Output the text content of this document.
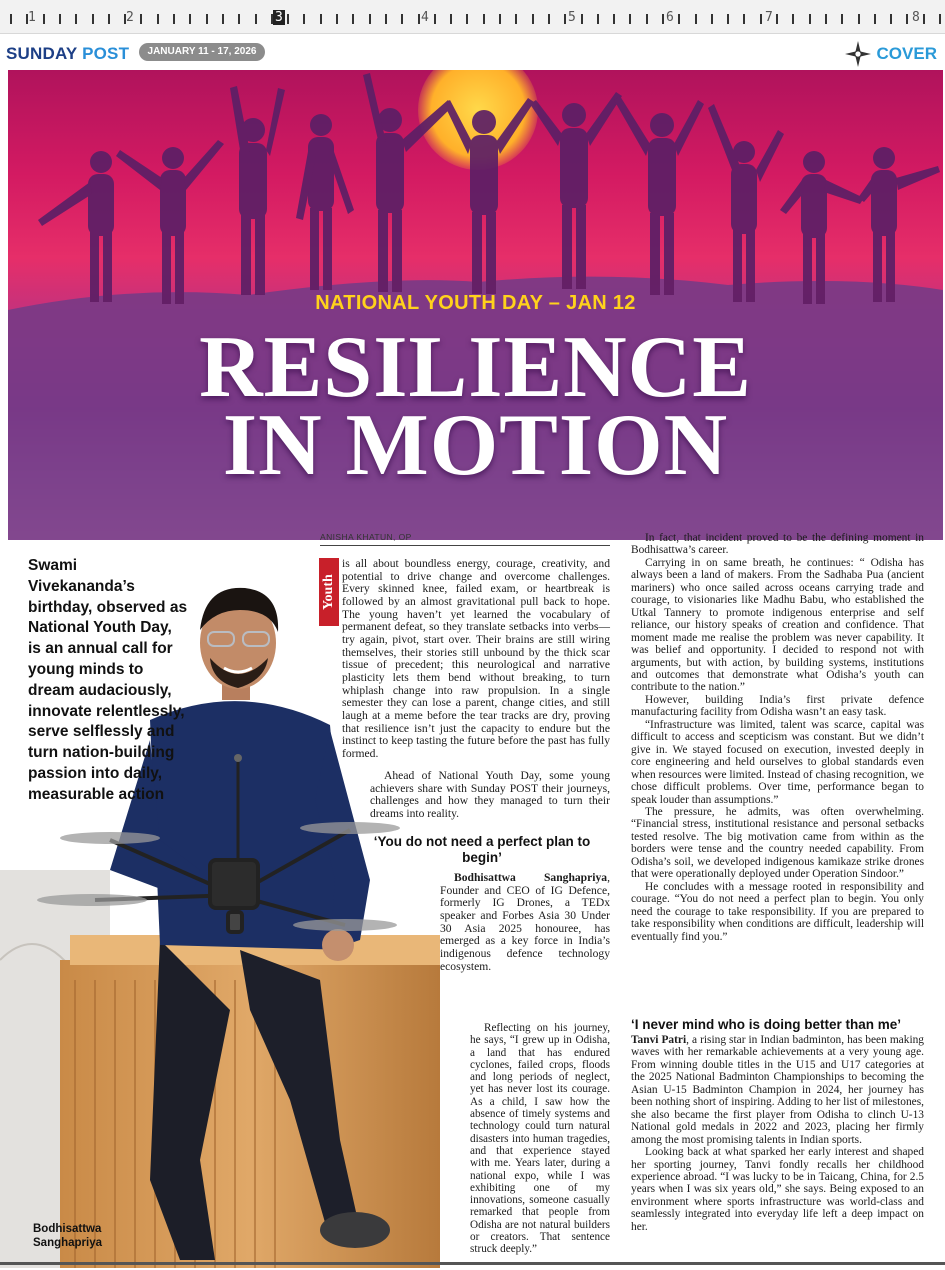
1	2	3	4	5	6	7	8
SUNDAY POST	JANUARY 11 - 17, 2026	COVER
NATIONAL YOUTH DAY – JAN 12
RESILIENCE
IN MOTION
Swami Vivekananda’s birthday, observed as National Youth Day, is an annual call for young minds to dream audaciously, innovate relentlessly, serve selflessly and turn nation-building passion into daily, measurable action
Bodhisattwa
Sanghapriya
ANISHA KHATUN, OP
Youth

is all about boundless energy, courage, creativity, and potential to drive change and overcome challenges. Every skinned knee, failed exam, or heartbreak is followed by an almost gravitational pull back to hope. The young haven’t yet learned the vocabulary of permanent defeat, so they translate setbacks into verbs—try again, pivot, start over. Their brains are still wiring themselves, their stories still unbound by the thick scar tissue of precedent; this neurological and narrative plasticity lets them bend without breaking, to turn whiplash change into raw propulsion. In a single semester they can lose a parent, change cities, and still laugh at a meme before the tear tracks are dry, proving that resilience isn’t just the capacity to endure but the instinct to keep tasting the future before the past has fully formed.

Ahead of National Youth Day, some young achievers share with Sunday POST their journeys, challenges and how they managed to turn their dreams into reality.

‘You do not need a perfect plan to begin’

Bodhisattwa Sanghapriya, Founder and CEO of IG Defence, formerly IG Drones, a TEDx speaker and Forbes Asia 30 Under 30 Asia 2025 honouree, has emerged as a key force in India’s indigenous defence technology ecosystem.

Reflecting on his journey, he says, “I grew up in Odisha, a land that has endured cyclones, failed crops, floods and long periods of neglect, yet has never lost its courage. As a child, I saw how the absence of timely systems and technology could turn natural disasters into human tragedies, and that experience stayed with me. Years later, during a national expo, while I was exhibiting one of my innovations, someone casually remarked that people from Odisha are not natural builders or creators. That sentence struck deeply.”

In fact, that incident proved to be the defining moment in Bodhisattwa’s career.

Carrying in on same breath, he continues: “ Odisha has always been a land of makers. From the Sadhaba Pua (ancient mariners) who once sailed across oceans carrying trade and courage, to visionaries like Madhu Babu, who established the Utkal Tannery to promote indigenous enterprise and self reliance, our history speaks of creation and confidence. That moment made me realise the problem was never capability. It was belief and opportunity. I decided to respond not with arguments, but with action, by building systems, institutions and outcomes that demonstrate what Odisha’s youth can contribute to the nation.”

However, building India’s first private defence manufacturing facility from Odisha wasn’t an easy task.

“Infrastructure was limited, talent was scarce, capital was difficult to access and scepticism was constant. But we didn’t give in. We stayed focused on execution, invested deeply in core engineering and held ourselves to global standards even when resources were limited. Instead of chasing recognition, we chose difficult problems. Over time, performance began to speak louder than assumptions.”

The pressure, he admits, was often overwhelming. “Financial stress, institutional resistance and personal setbacks tested resolve. The big motivation came from within as the borders were tense and the country needed capability. From Odisha’s soil, we developed indigenous kamikaze strike drones that were operationally deployed under Operation Sindoor.”

He concludes with a message rooted in responsibility and courage. “You do not need a perfect plan to begin. You only need the courage to take responsibility. If you are prepared to take responsibility when conditions are difficult, leadership will eventually find you.”

‘I never mind who is doing better than me’

Tanvi Patri, a rising star in Indian badminton, has been making waves with her remarkable achievements at a very young age. From winning double titles in the U15 and U17 categories at the 2025 National Badminton Championships to becoming the Asian U-15 Badminton Champion in 2024, her journey has been nothing short of inspiring. Adding to her list of milestones, she also became the first player from Odisha to clinch U-13 National gold medals in 2022 and 2023, placing her firmly among the most promising talents in Indian sports.

Looking back at what sparked her early interest and shaped her sporting journey, Tanvi fondly recalls her childhood experience abroad. “I was lucky to be in Taicang, China, for 2.5 years when I was six years old,” she says. Being exposed to an environment where sports infrastructure was world-class and seamlessly integrated into everyday life left a deep impact on her.
